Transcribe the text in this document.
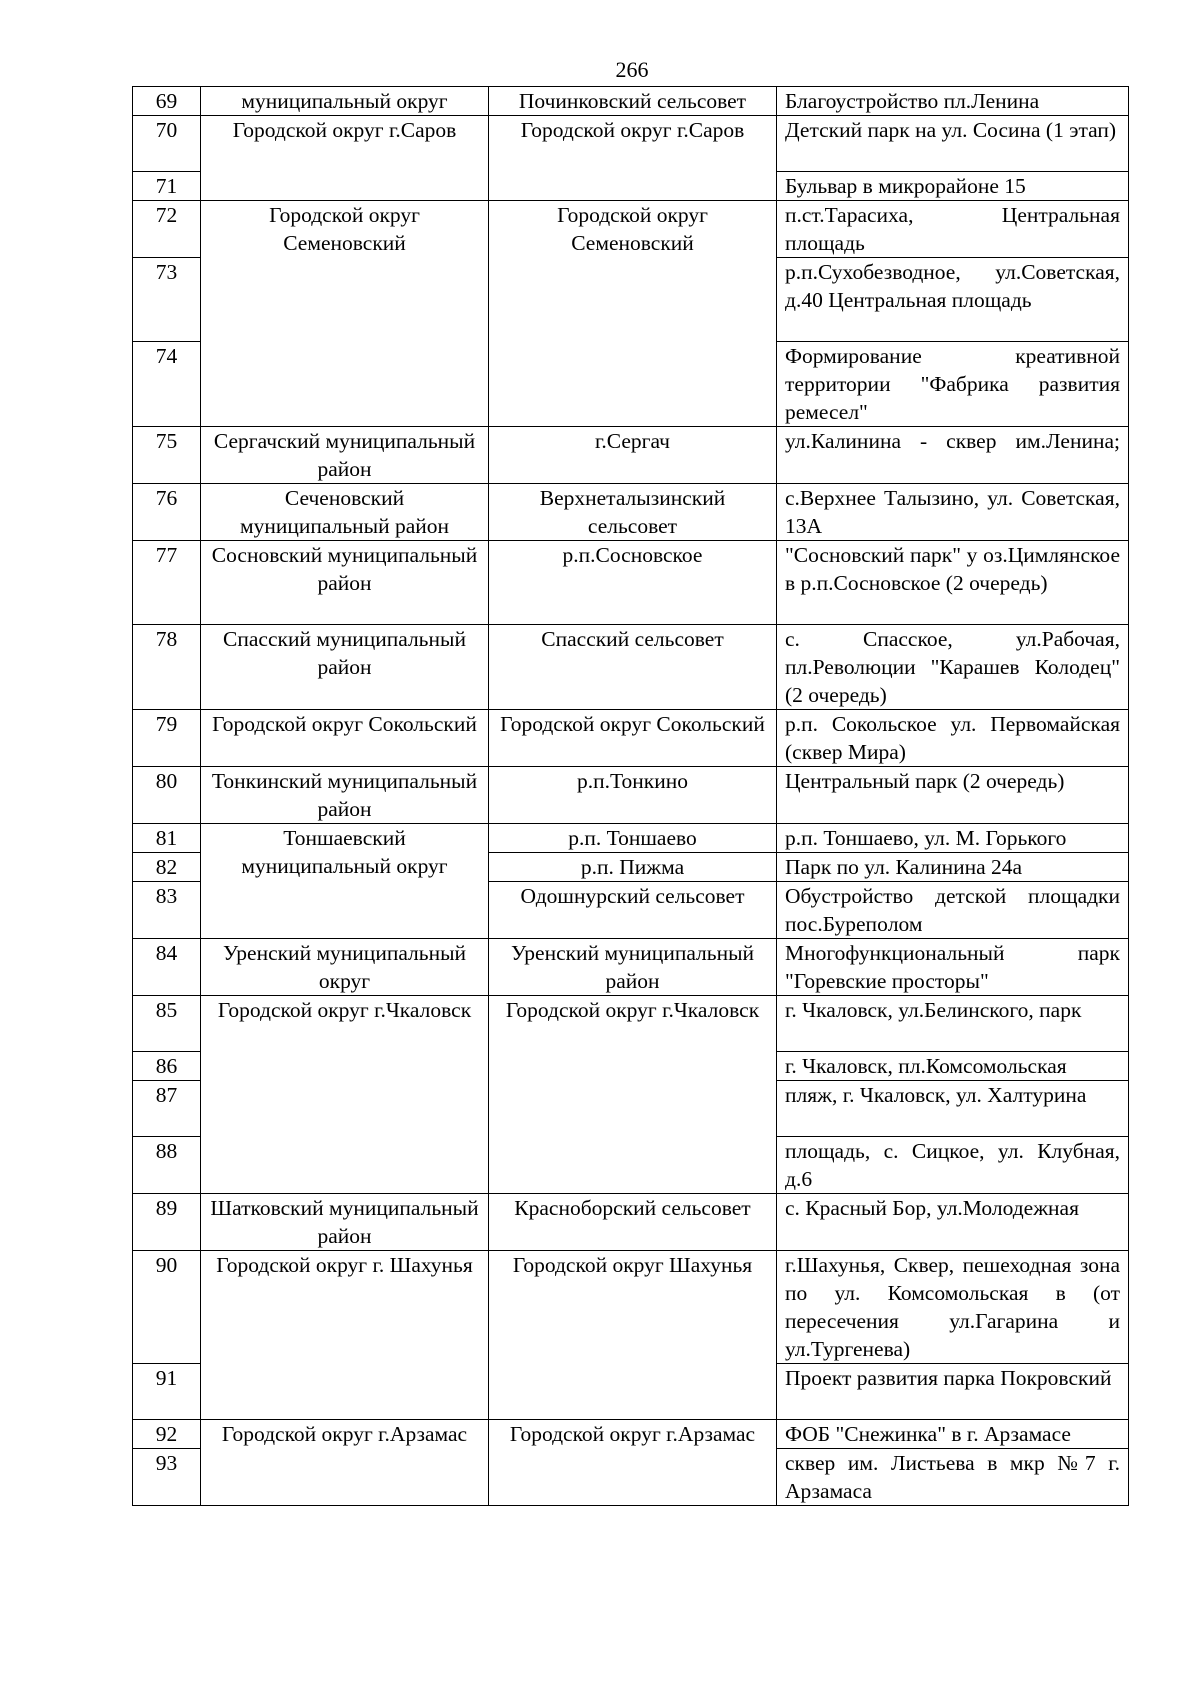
266
69	муниципальный округ	Починковский сельсовет	Благоустройство пл.Ленина
70	Городской округ г.Саров	Городской округ г.Саров	Детский парк на ул. Сосина (1 этап)
71			Бульвар в микрорайоне 15
72	Городской округ Семеновский	Городской округ Семеновский	п.ст.Тарасиха, Центральная площадь
73			р.п.Сухобезводное, ул.Советская, д.40 Центральная площадь
74			Формирование креативной территории "Фабрика развития ремесел"
75	Сергачский муниципальный район	г.Сергач	ул.Калинина - сквер им.Ленина;
76	Сеченовский муниципальный район	Верхнеталызинский сельсовет	с.Верхнее Талызино, ул. Советская, 13А
77	Сосновский муниципальный район	р.п.Сосновское	"Сосновский парк" у оз.Цимлянское в р.п.Сосновское (2 очередь)
78	Спасский муниципальный район	Спасский сельсовет	с. Спасское, ул.Рабочая, пл.Революции "Карашев Колодец" (2 очередь)
79	Городской округ Сокольский	Городской округ Сокольский	р.п. Сокольское ул. Первомайская (сквер Мира)
80	Тонкинский муниципальный район	р.п.Тонкино	Центральный парк (2 очередь)
81	Тоншаевский муниципальный округ	р.п. Тоншаево	р.п. Тоншаево, ул. М. Горького
82		р.п. Пижма	Парк по ул. Калинина 24а
83		Одошнурский сельсовет	Обустройство детской площадки пос.Бурепoлом
84	Уренский муниципальный округ	Уренский муниципальный район	Многофункциональный парк "Горевские просторы"
85	Городской округ г.Чкаловск	Городской округ г.Чкаловск	г. Чкаловск, ул.Белинского, парк
86			г. Чкаловск, пл.Комсомольская
87			пляж, г. Чкаловск, ул. Халтурина
88			площадь, с. Сицкое, ул. Клубная, д.6
89	Шатковский муниципальный район	Красноборский сельсовет	с. Красный Бор, ул.Молодежная
90	Городской округ г. Шахунья	Городской округ Шахунья	г.Шахунья, Сквер, пешеходная зона по ул. Комсомольская в (от пересечения ул.Гагарина и ул.Тургенева)
91			Проект развития парка Покровский
92	Городской округ г.Арзамас	Городской округ г.Арзамас	ФОБ "Снежинка" в г. Арзамасе
93			сквер им. Листьева в мкр №7 г. Арзамаса
